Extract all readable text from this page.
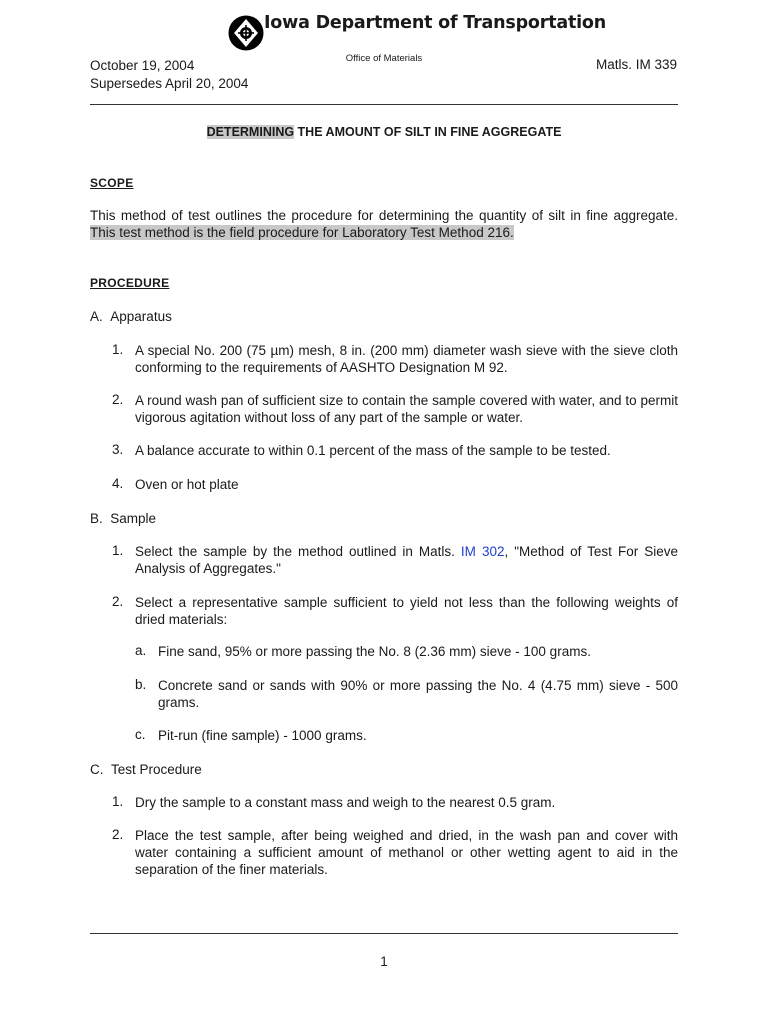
Iowa Department of Transportation
Office of Materials
October 19, 2004
Supersedes April 20, 2004
Matls. IM 339
DETERMINING THE AMOUNT OF SILT IN FINE AGGREGATE
SCOPE
This method of test outlines the procedure for determining the quantity of silt in fine aggregate. This test method is the field procedure for Laboratory Test Method 216.
PROCEDURE
A. Apparatus
1. A special No. 200 (75 µm) mesh, 8 in. (200 mm) diameter wash sieve with the sieve cloth conforming to the requirements of AASHTO Designation M 92.
2. A round wash pan of sufficient size to contain the sample covered with water, and to permit vigorous agitation without loss of any part of the sample or water.
3. A balance accurate to within 0.1 percent of the mass of the sample to be tested.
4. Oven or hot plate
B. Sample
1. Select the sample by the method outlined in Matls. IM 302, "Method of Test For Sieve Analysis of Aggregates."
2. Select a representative sample sufficient to yield not less than the following weights of dried materials:
a. Fine sand, 95% or more passing the No. 8 (2.36 mm) sieve - 100 grams.
b. Concrete sand or sands with 90% or more passing the No. 4 (4.75 mm) sieve - 500 grams.
c. Pit-run (fine sample) - 1000 grams.
C. Test Procedure
1. Dry the sample to a constant mass and weigh to the nearest 0.5 gram.
2. Place the test sample, after being weighed and dried, in the wash pan and cover with water containing a sufficient amount of methanol or other wetting agent to aid in the separation of the finer materials.
1
